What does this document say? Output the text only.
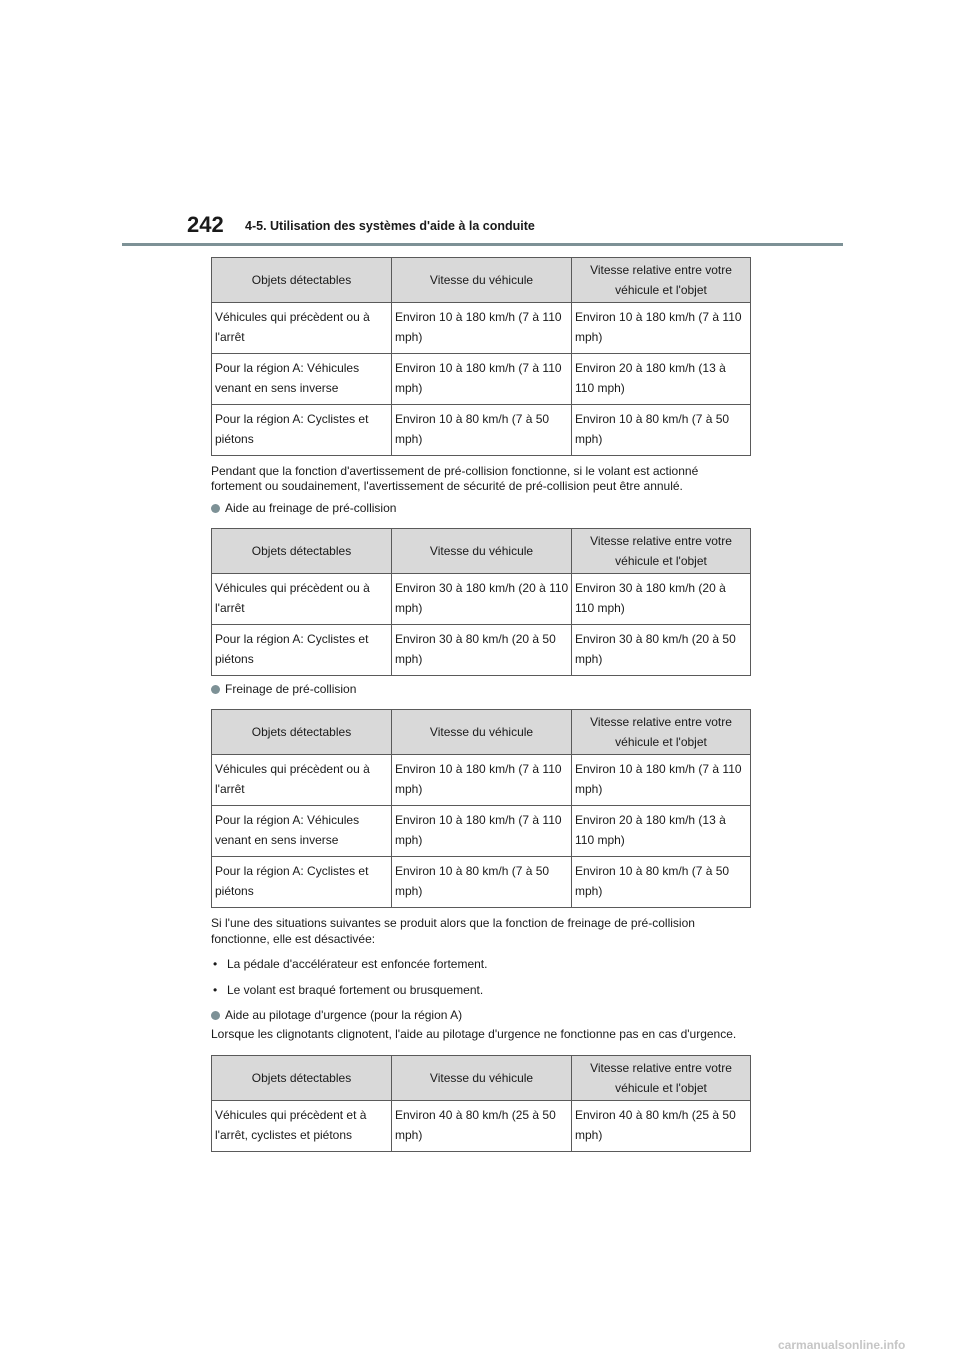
242 4-5. Utilisation des systèmes d'aide à la conduite
Objets détectables	Vitesse du véhicule	Vitesse relative entre votre véhicule et l'objet
Véhicules qui précèdent ou à l'arrêt	Environ 10 à 180 km/h (7 à 110 mph)	Environ 10 à 180 km/h (7 à 110 mph)
Pour la région A: Véhicules venant en sens inverse	Environ 10 à 180 km/h (7 à 110 mph)	Environ 20 à 180 km/h (13 à 110 mph)
Pour la région A: Cyclistes et piétons	Environ 10 à 80 km/h (7 à 50 mph)	Environ 10 à 80 km/h (7 à 50 mph)

Pendant que la fonction d'avertissement de pré-collision fonctionne, si le volant est actionné fortement ou soudainement, l'avertissement de sécurité de pré-collision peut être annulé.

Aide au freinage de pré-collision
Objets détectables	Vitesse du véhicule	Vitesse relative entre votre véhicule et l'objet
Véhicules qui précèdent ou à l'arrêt	Environ 30 à 180 km/h (20 à 110 mph)	Environ 30 à 180 km/h (20 à 110 mph)
Pour la région A: Cyclistes et piétons	Environ 30 à 80 km/h (20 à 50 mph)	Environ 30 à 80 km/h (20 à 50 mph)
Freinage de pré-collision
Objets détectables	Vitesse du véhicule	Vitesse relative entre votre véhicule et l'objet
Véhicules qui précèdent ou à l'arrêt	Environ 10 à 180 km/h (7 à 110 mph)	Environ 10 à 180 km/h (7 à 110 mph)
Pour la région A: Véhicules venant en sens inverse	Environ 10 à 180 km/h (7 à 110 mph)	Environ 20 à 180 km/h (13 à 110 mph)
Pour la région A: Cyclistes et piétons	Environ 10 à 80 km/h (7 à 50 mph)	Environ 10 à 80 km/h (7 à 50 mph)

Si l'une des situations suivantes se produit alors que la fonction de freinage de pré-collision fonctionne, elle est désactivée:

• La pédale d'accélérateur est enfoncée fortement.
• Le volant est braqué fortement ou brusquement.
Aide au pilotage d'urgence (pour la région A)

Lorsque les clignotants clignotent, l'aide au pilotage d'urgence ne fonctionne pas en cas d'urgence.

Objets détectables	Vitesse du véhicule	Vitesse relative entre votre véhicule et l'objet
Véhicules qui précèdent et à l'arrêt, cyclistes et piétons	Environ 40 à 80 km/h (25 à 50 mph)	Environ 40 à 80 km/h (25 à 50 mph)
carmanualsonline.info
